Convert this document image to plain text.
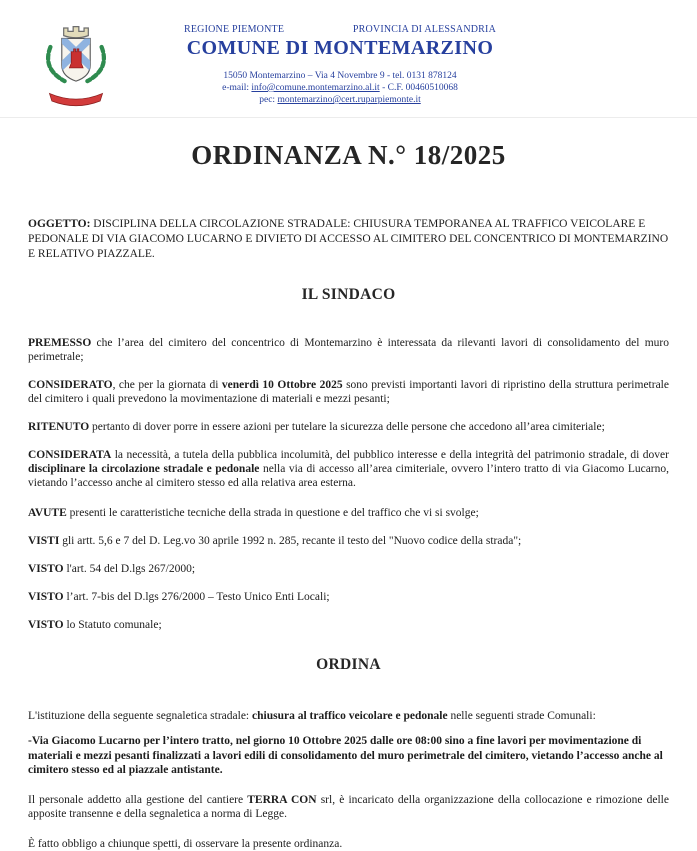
REGIONE PIEMONTE	PROVINCIA DI ALESSANDRIA
COMUNE DI MONTEMARZINO
15050 Montemarzino – Via 4 Novembre 9 - tel. 0131 878124
e-mail: info@comune.montemarzino.al.it - C.F. 00460510068
pec: montemarzino@cert.ruparpiemonte.it
ORDINANZA N.° 18/2025

OGGETTO: DISCIPLINA DELLA CIRCOLAZIONE STRADALE: CHIUSURA TEMPORANEA AL TRAFFICO VEICOLARE E PEDONALE DI VIA GIACOMO LUCARNO E DIVIETO DI ACCESSO AL CIMITERO DEL CONCENTRICO DI MONTEMARZINO E RELATIVO PIAZZALE.

IL SINDACO

PREMESSO che l’area del cimitero del concentrico di Montemarzino è interessata da rilevanti lavori di consolidamento del muro perimetrale;

CONSIDERATO, che per la giornata di venerdì 10 Ottobre 2025 sono previsti importanti lavori di ripristino della struttura perimetrale del cimitero i quali prevedono la movimentazione di materiali e mezzi pesanti;

RITENUTO pertanto di dover porre in essere azioni per tutelare la sicurezza delle persone che accedono all’area cimiteriale;

CONSIDERATA la necessità, a tutela della pubblica incolumità, del pubblico interesse e della integrità del patrimonio stradale, di dover disciplinare la circolazione stradale e pedonale nella via di accesso all’area cimiteriale, ovvero l’intero tratto di via Giacomo Lucarno, vietando l’accesso anche al cimitero stesso ed alla relativa area esterna.

AVUTE presenti le caratteristiche tecniche della strada in questione e del traffico che vi si svolge;

VISTI gli artt. 5,6 e 7 del D. Leg.vo 30 aprile 1992 n. 285, recante il testo del "Nuovo codice della strada";

VISTO l'art. 54 del D.lgs 267/2000;

VISTO l’art. 7-bis del D.lgs 276/2000 – Testo Unico Enti Locali;

VISTO lo Statuto comunale;

ORDINA

L'istituzione della seguente segnaletica stradale: chiusura al traffico veicolare e pedonale nelle seguenti strade Comunali:

-Via Giacomo Lucarno per l’intero tratto, nel giorno 10 Ottobre 2025 dalle ore 08:00 sino a fine lavori per movimentazione di materiali e mezzi pesanti finalizzati a lavori edili di consolidamento del muro perimetrale del cimitero, vietando l’accesso anche al cimitero stesso ed al piazzale antistante.

Il personale addetto alla gestione del cantiere TERRA CON srl, è incaricato della organizzazione della collocazione e rimozione delle apposite transenne e della segnaletica a norma di Legge.

È fatto obbligo a chiunque spetti, di osservare la presente ordinanza.
